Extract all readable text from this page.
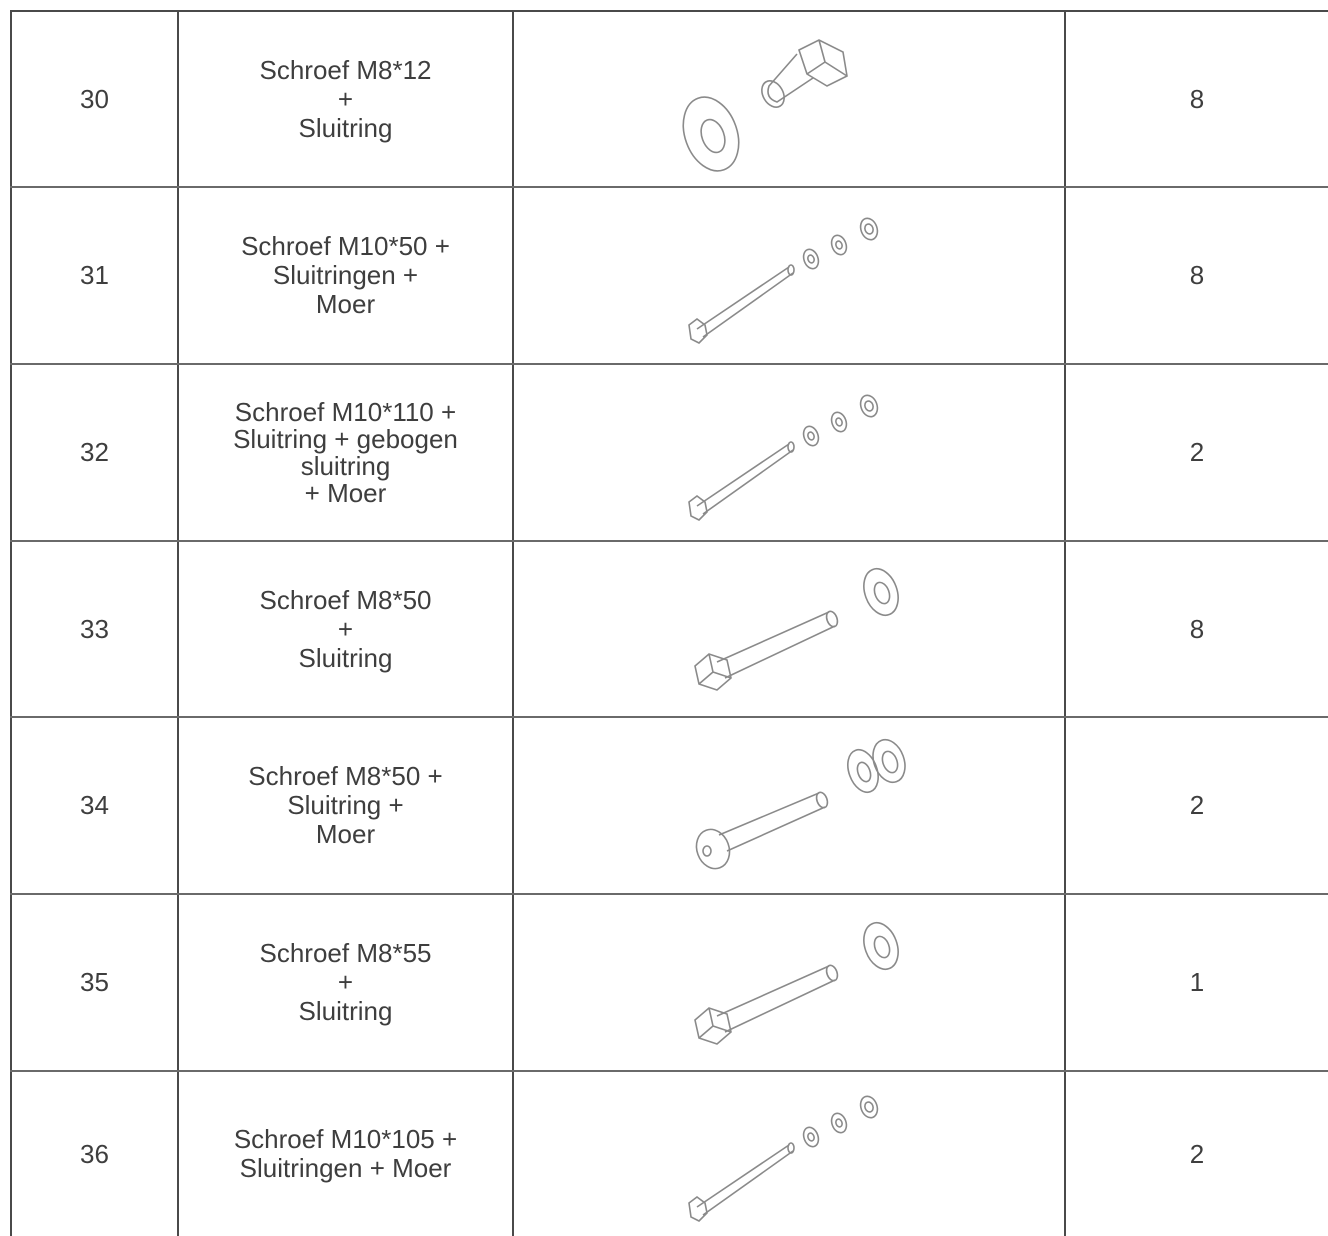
30
Schroef M8*12
+
Sluitring
8
31
Schroef M10*50 +
Sluitringen +
Moer
8
32
Schroef M10*110 +
Sluitring + gebogen
sluitring
+ Moer
2
33
Schroef M8*50
+
Sluitring
8
34
Schroef M8*50 +
Sluitring +
Moer
2
35
Schroef M8*55
+
Sluitring
1
36	Schroef M10*105 +
Sluitringen + Moer	2
